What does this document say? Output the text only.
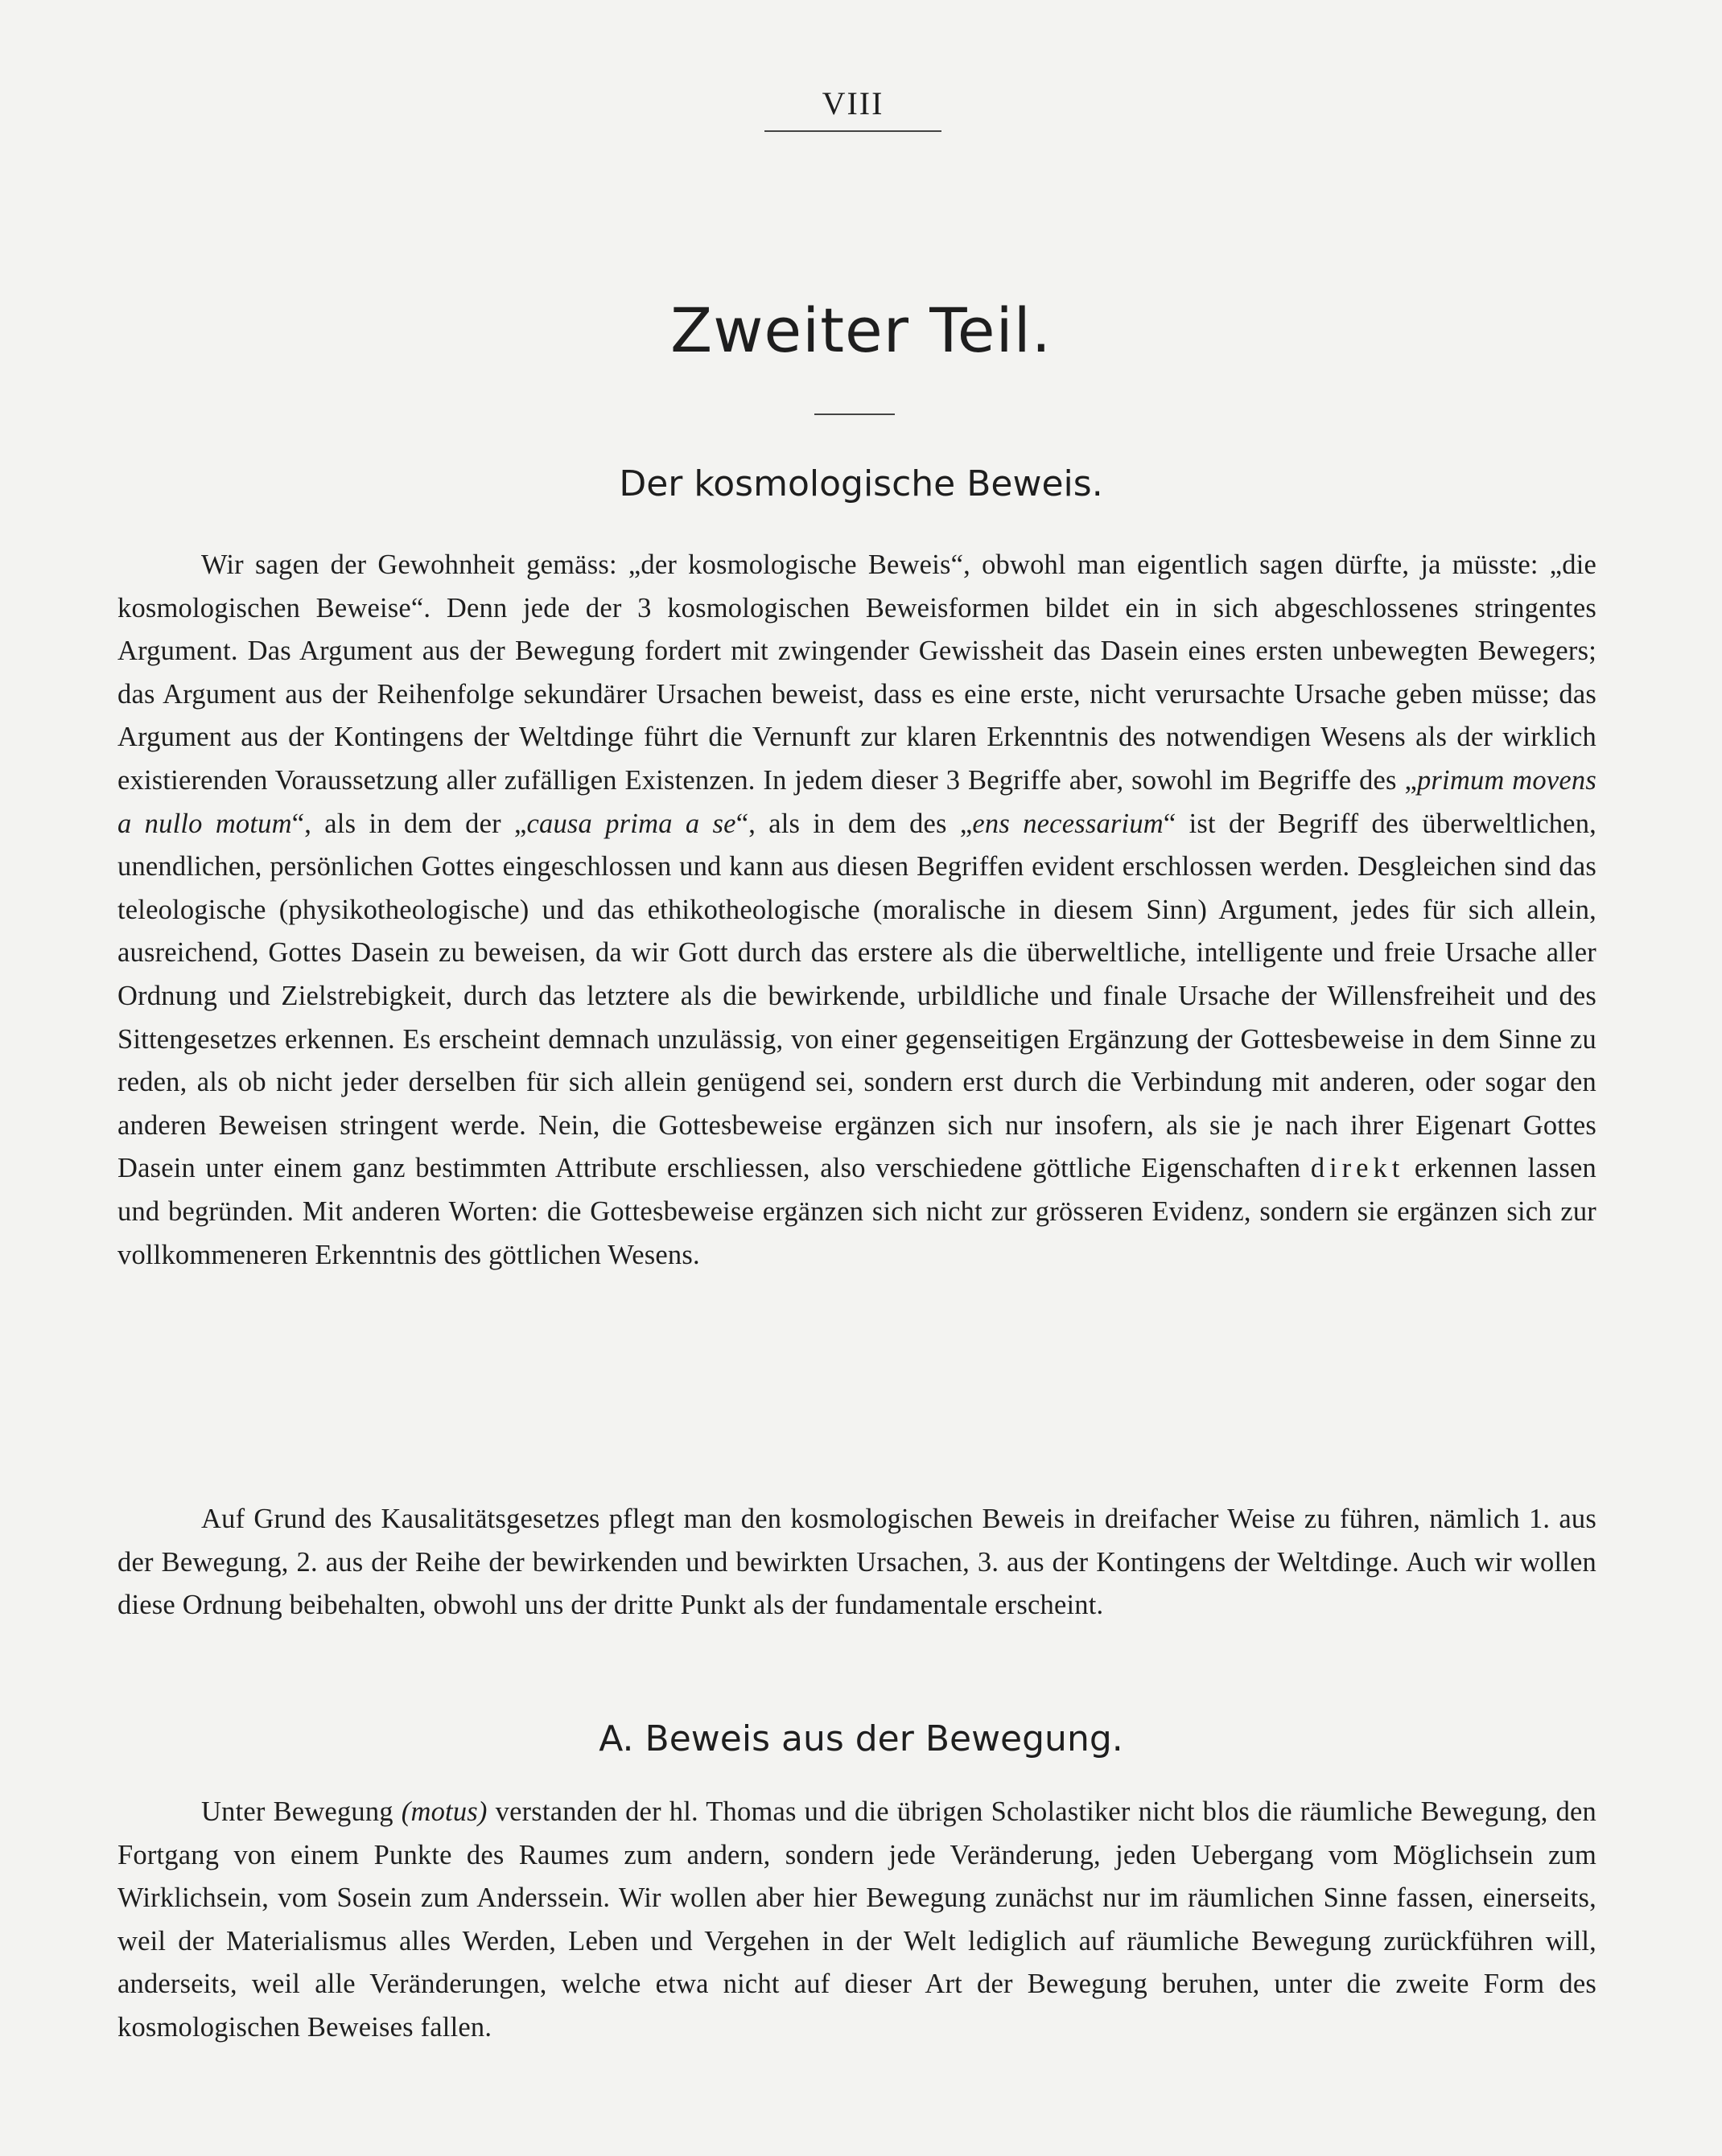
VIII
Zweiter Teil.
Der kosmologische Beweis.

Wir sagen der Gewohnheit gemäss: „der kosmologische Beweis“, obwohl man eigentlich sagen dürfte, ja müsste: „die kosmologischen Beweise“. Denn jede der 3 kosmologischen Beweisformen bildet ein in sich abgeschlossenes stringentes Argument. Das Argument aus der Bewegung fordert mit zwingender Gewissheit das Dasein eines ersten unbewegten Bewegers; das Argument aus der Reihenfolge sekundärer Ursachen beweist, dass es eine erste, nicht verursachte Ursache geben müsse; das Argument aus der Kontingens der Weltdinge führt die Vernunft zur klaren Erkenntnis des notwendigen Wesens als der wirklich existierenden Voraussetzung aller zufälligen Existenzen. In jedem dieser 3 Begriffe aber, sowohl im Begriffe des „primum movens a nullo motum“, als in dem der „causa prima a se“, als in dem des „ens necessarium“ ist der Begriff des überweltlichen, unendlichen, persönlichen Gottes eingeschlossen und kann aus diesen Begriffen evident erschlossen werden. Desgleichen sind das teleologische (physikotheologische) und das ethikotheologische (moralische in diesem Sinn) Argument, jedes für sich allein, ausreichend, Gottes Dasein zu beweisen, da wir Gott durch das erstere als die überweltliche, intelligente und freie Ursache aller Ordnung und Zielstrebigkeit, durch das letztere als die bewirkende, urbildliche und finale Ursache der Willensfreiheit und des Sittengesetzes erkennen. Es erscheint demnach unzulässig, von einer gegenseitigen Ergänzung der Gottesbeweise in dem Sinne zu reden, als ob nicht jeder derselben für sich allein genügend sei, sondern erst durch die Verbindung mit anderen, oder sogar den anderen Beweisen stringent werde. Nein, die Gottesbeweise ergänzen sich nur insofern, als sie je nach ihrer Eigenart Gottes Dasein unter einem ganz bestimmten Attribute erschliessen, also verschiedene göttliche Eigenschaften direkt erkennen lassen und begründen. Mit anderen Worten: die Gottesbeweise ergänzen sich nicht zur grösseren Evidenz, sondern sie ergänzen sich zur vollkommeneren Erkenntnis des göttlichen Wesens.

Auf Grund des Kausalitätsgesetzes pflegt man den kosmologischen Beweis in dreifacher Weise zu führen, nämlich 1. aus der Bewegung, 2. aus der Reihe der bewirkenden und bewirkten Ursachen, 3. aus der Kontingens der Weltdinge. Auch wir wollen diese Ordnung beibehalten, obwohl uns der dritte Punkt als der fundamentale erscheint.

A. Beweis aus der Bewegung.

Unter Bewegung (motus) verstanden der hl. Thomas und die übrigen Scholastiker nicht blos die räumliche Bewegung, den Fortgang von einem Punkte des Raumes zum andern, sondern jede Veränderung, jeden Uebergang vom Möglichsein zum Wirklichsein, vom Sosein zum Anderssein. Wir wollen aber hier Bewegung zunächst nur im räumlichen Sinne fassen, einerseits, weil der Materialismus alles Werden, Leben und Vergehen in der Welt lediglich auf räumliche Bewegung zurückführen will, anderseits, weil alle Veränderungen, welche etwa nicht auf dieser Art der Bewegung beruhen, unter die zweite Form des kosmologischen Beweises fallen.
